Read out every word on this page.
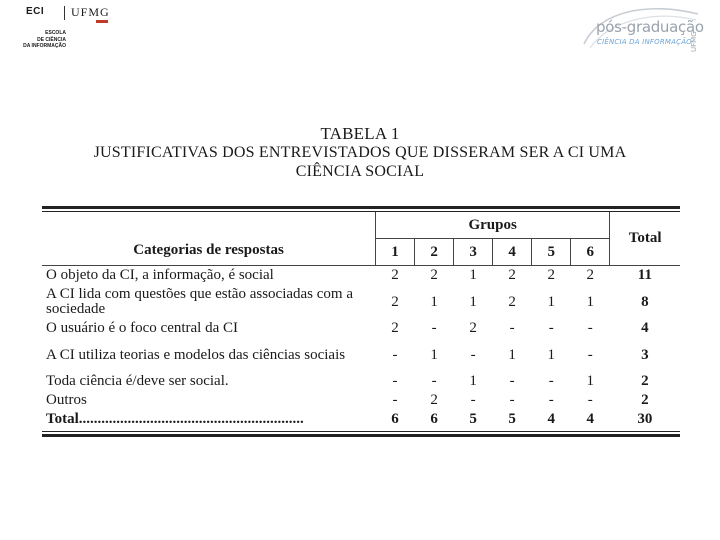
ECI UFMG
ESCOLA
DE CIÊNCIA
DA INFORMAÇÃO
pós-graduação
CIÊNCIA DA INFORMAÇÃO
UFMG
TABELA 1
JUSTIFICATIVAS DOS ENTREVISTADOS QUE DISSERAM SER A CI UMA
CIÊNCIA SOCIAL
Categorias de respostas	Grupos						Total
	1	2	3	4	5	6	

O objeto da CI, a informação, é social	2	2	1	2	2	2	11
A CI lida com questões que estão associadas com a sociedade	2	1	1	2	1	1	8
O usuário é o foco central da CI	2	-	2	-	-	-	4
A CI utiliza teorias e modelos das ciências sociais	-	1	-	1	1	-	3
Toda ciência é/deve ser social.	-	-	1	-	-	1	2
Outros	-	2	-	-	-	-	2
Total............................................................	6	6	5	5	4	4	30
